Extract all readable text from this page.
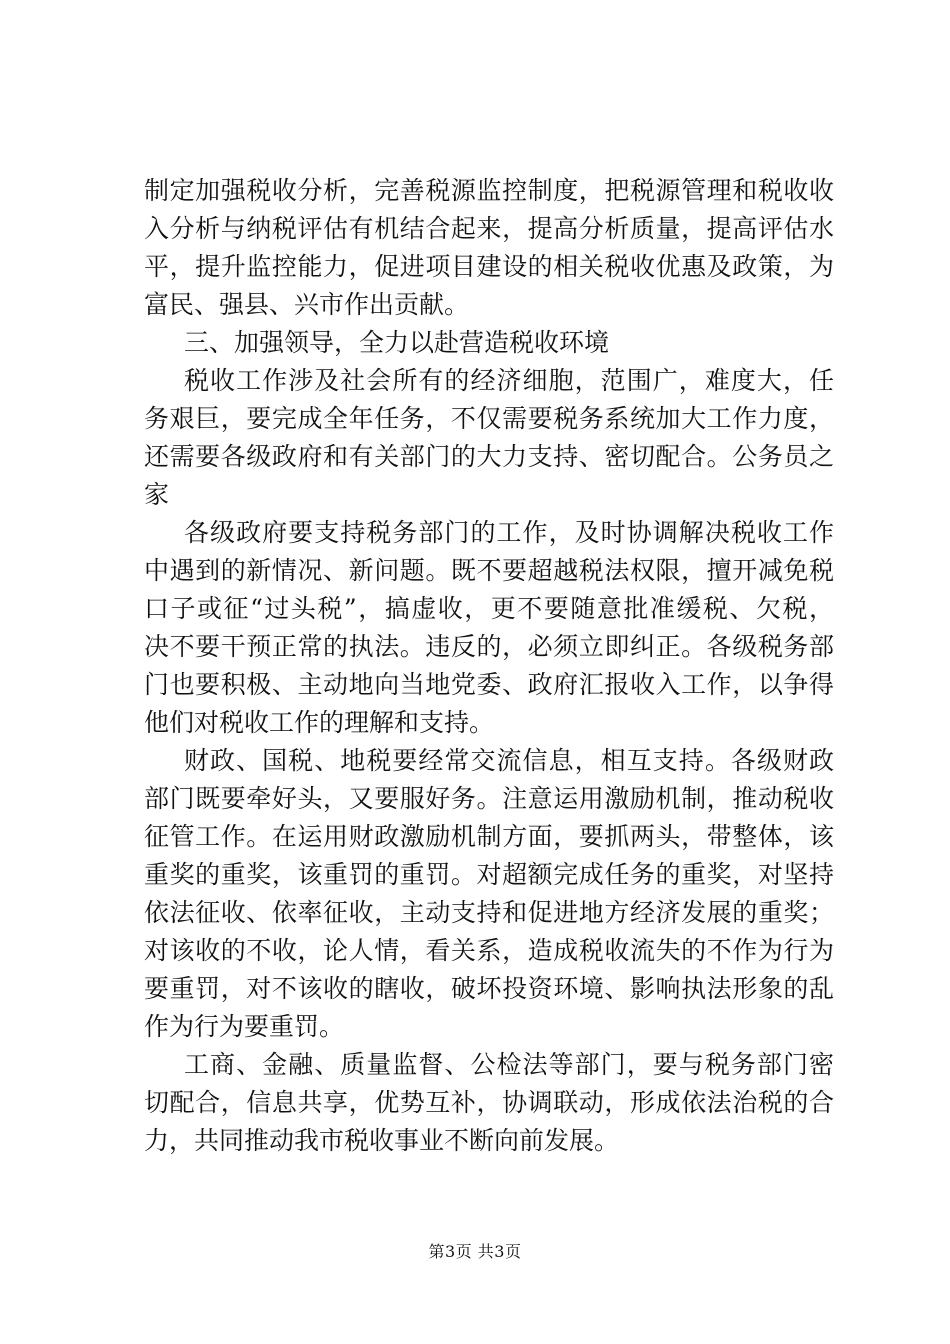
制定加强税收分析，完善税源监控制度，把税源管理和税收收
入分析与纳税评估有机结合起来，提高分析质量，提高评估水
平，提升监控能力，促进项目建设的相关税收优惠及政策，为
富民、强县、兴市作出贡献。
三、加强领导，全力以赴营造税收环境
税收工作涉及社会所有的经济细胞，范围广，难度大，任
务艰巨，要完成全年任务，不仅需要税务系统加大工作力度，
还需要各级政府和有关部门的大力支持、密切配合。公务员之
家
各级政府要支持税务部门的工作，及时协调解决税收工作
中遇到的新情况、新问题。既不要超越税法权限，擅开减免税
口子或征“过头税”，搞虚收，更不要随意批准缓税、欠税，
决不要干预正常的执法。违反的，必须立即纠正。各级税务部
门也要积极、主动地向当地党委、政府汇报收入工作，以争得
他们对税收工作的理解和支持。
财政、国税、地税要经常交流信息，相互支持。各级财政
部门既要牵好头，又要服好务。注意运用激励机制，推动税收
征管工作。在运用财政激励机制方面，要抓两头，带整体，该
重奖的重奖，该重罚的重罚。对超额完成任务的重奖，对坚持
依法征收、依率征收，主动支持和促进地方经济发展的重奖；
对该收的不收，论人情，看关系，造成税收流失的不作为行为
要重罚，对不该收的瞎收，破坏投资环境、影响执法形象的乱
作为行为要重罚。
工商、金融、质量监督、公检法等部门，要与税务部门密
切配合，信息共享，优势互补，协调联动，形成依法治税的合
力，共同推动我市税收事业不断向前发展。
第3页 共3页
